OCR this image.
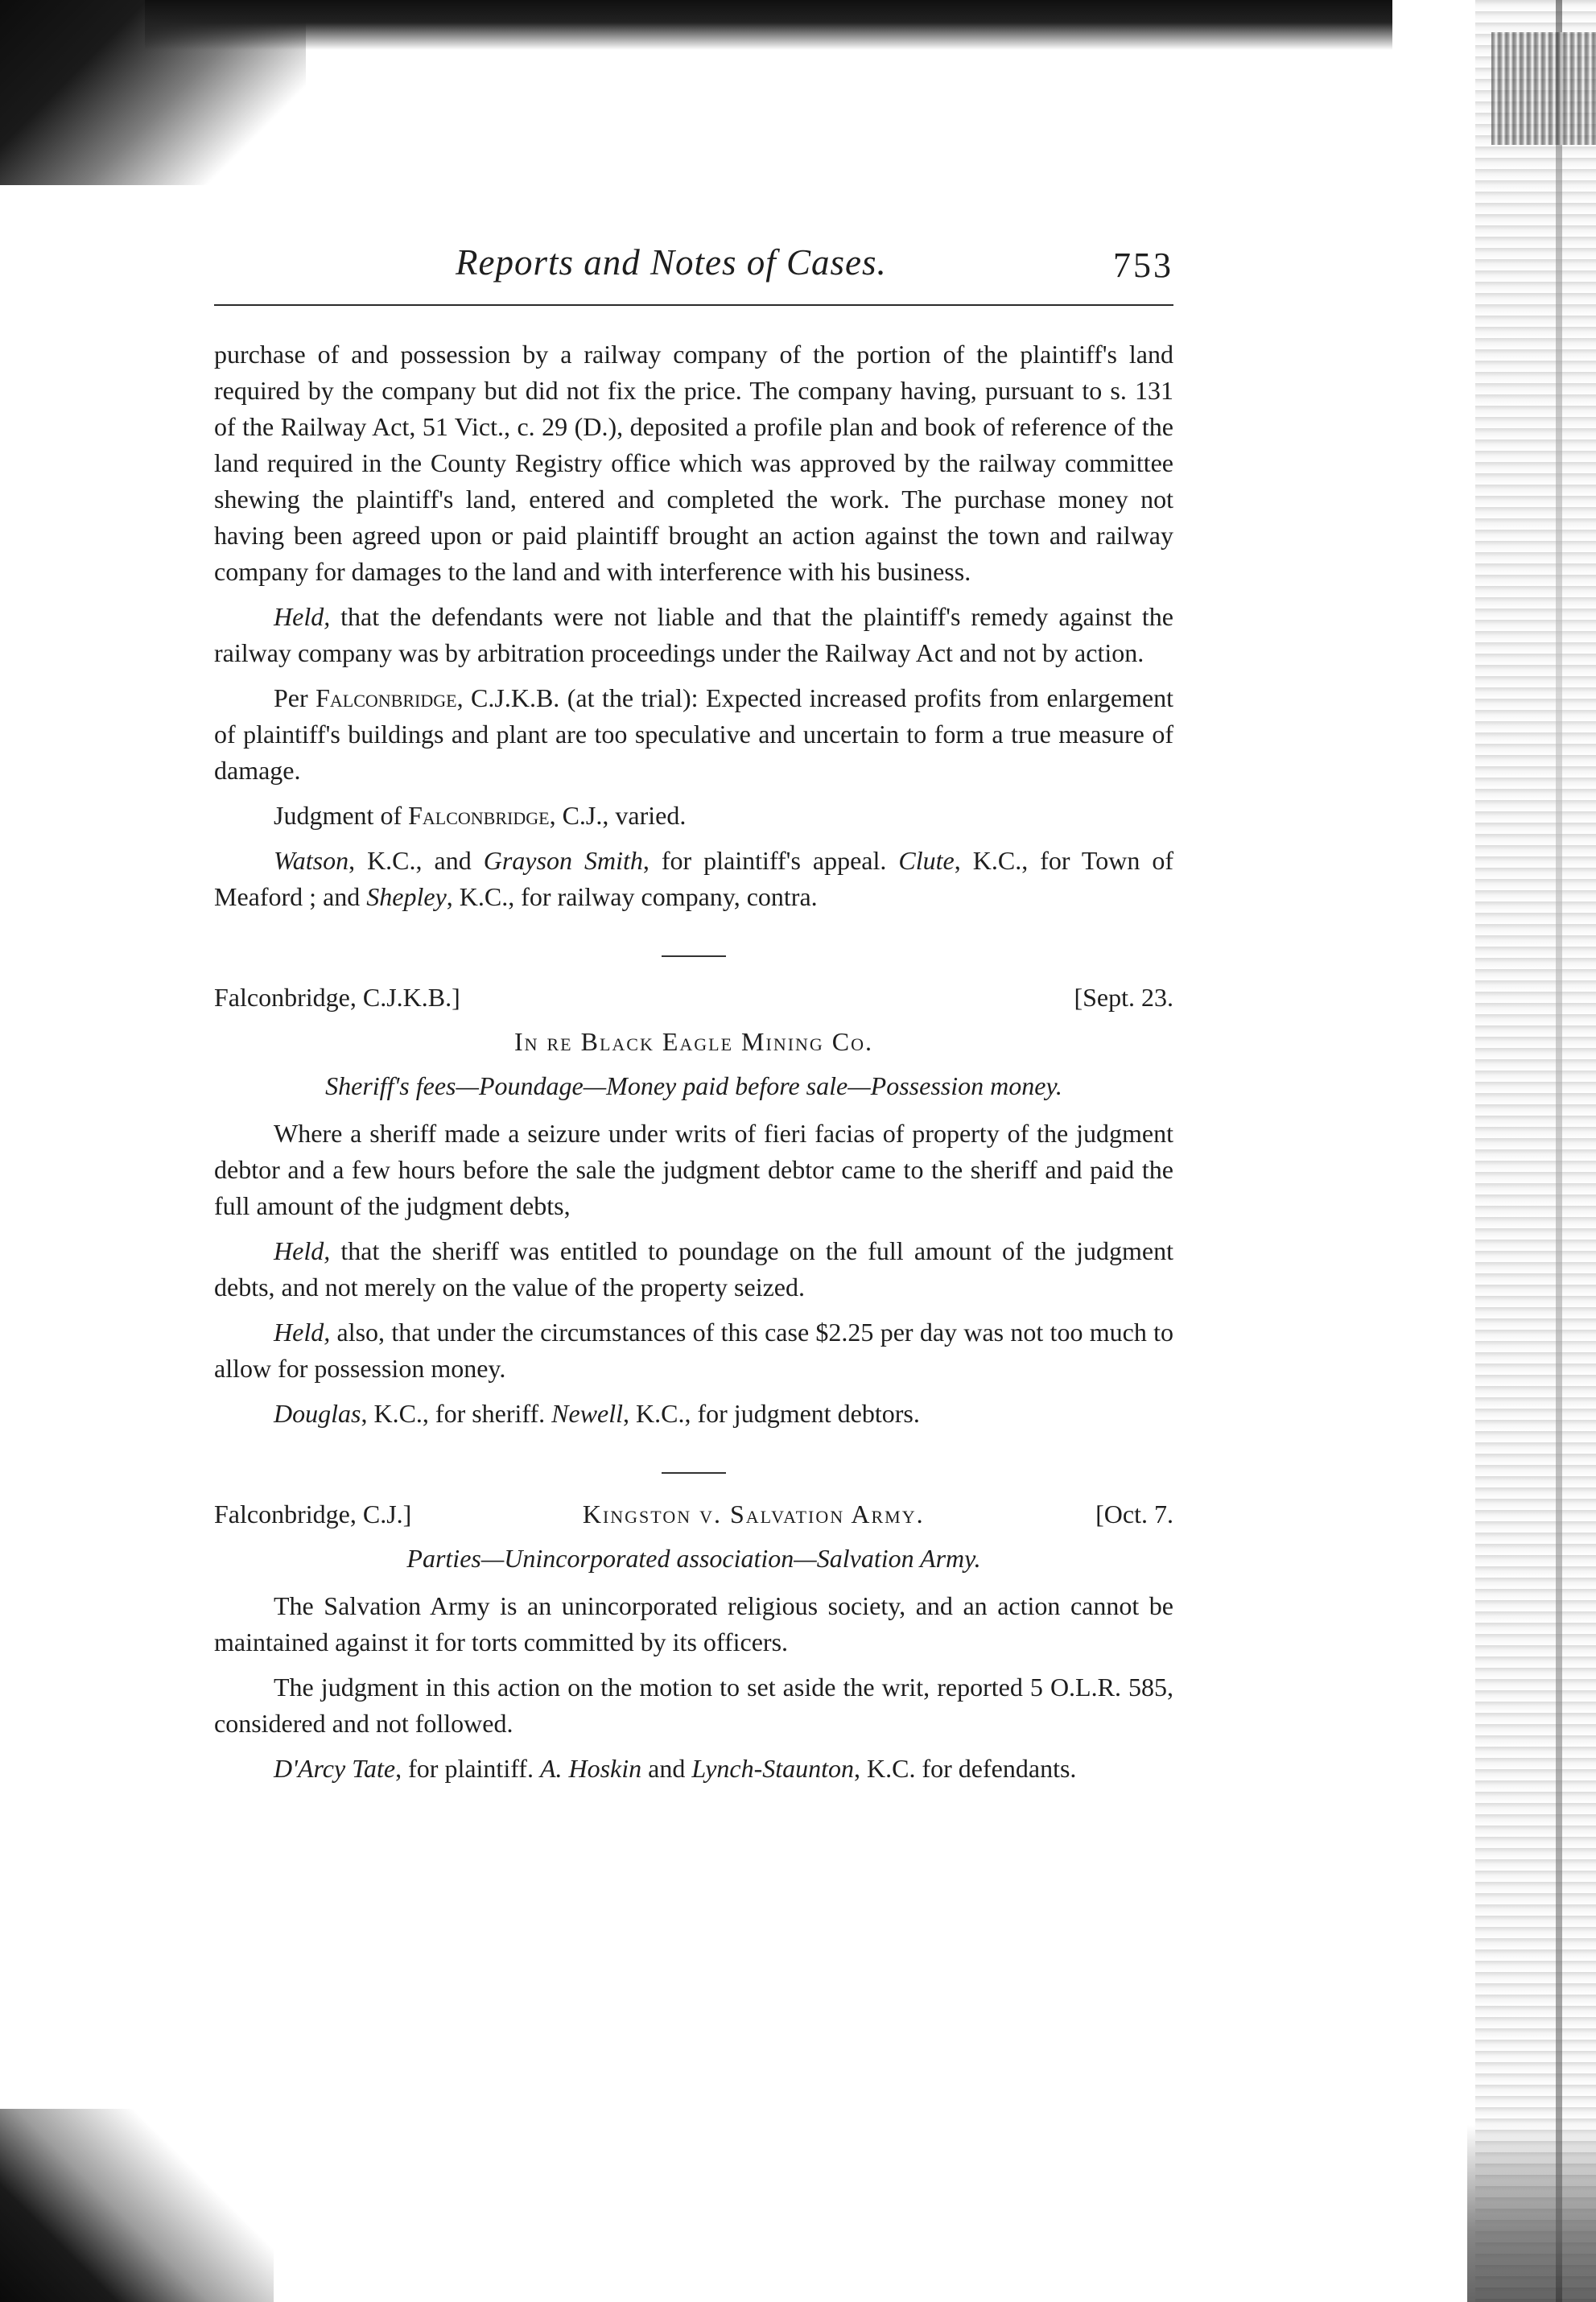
Reports and Notes of Cases.	753

purchase of and possession by a railway company of the portion of the plaintiff's land required by the company but did not fix the price. The company having, pursuant to s. 131 of the Railway Act, 51 Vict., c. 29 (D.), deposited a profile plan and book of reference of the land required in the County Registry office which was approved by the railway committee shewing the plaintiff's land, entered and completed the work. The purchase money not having been agreed upon or paid plaintiff brought an action against the town and railway company for damages to the land and with interference with his business.

Held, that the defendants were not liable and that the plaintiff's remedy against the railway company was by arbitration proceedings under the Railway Act and not by action.

Per Falconbridge, C.J.K.B. (at the trial): Expected increased profits from enlargement of plaintiff's buildings and plant are too speculative and uncertain to form a true measure of damage.

Judgment of Falconbridge, C.J., varied.

Watson, K.C., and Grayson Smith, for plaintiff's appeal. Clute, K.C., for Town of Meaford ; and Shepley, K.C., for railway company, contra.

Falconbridge, C.J.K.B.]	[Sept. 23.
In re Black Eagle Mining Co.
Sheriff's fees—Poundage—Money paid before sale—Possession money.

Where a sheriff made a seizure under writs of fieri facias of property of the judgment debtor and a few hours before the sale the judgment debtor came to the sheriff and paid the full amount of the judgment debts,

Held, that the sheriff was entitled to poundage on the full amount of the judgment debts, and not merely on the value of the property seized.

Held, also, that under the circumstances of this case $2.25 per day was not too much to allow for possession money.

Douglas, K.C., for sheriff. Newell, K.C., for judgment debtors.

Falconbridge, C.J.]	Kingston v. Salvation Army.	[Oct. 7.
Parties—Unincorporated association—Salvation Army.

The Salvation Army is an unincorporated religious society, and an action cannot be maintained against it for torts committed by its officers.

The judgment in this action on the motion to set aside the writ, reported 5 O.L.R. 585, considered and not followed.

D'Arcy Tate, for plaintiff. A. Hoskin and Lynch-Staunton, K.C. for defendants.
